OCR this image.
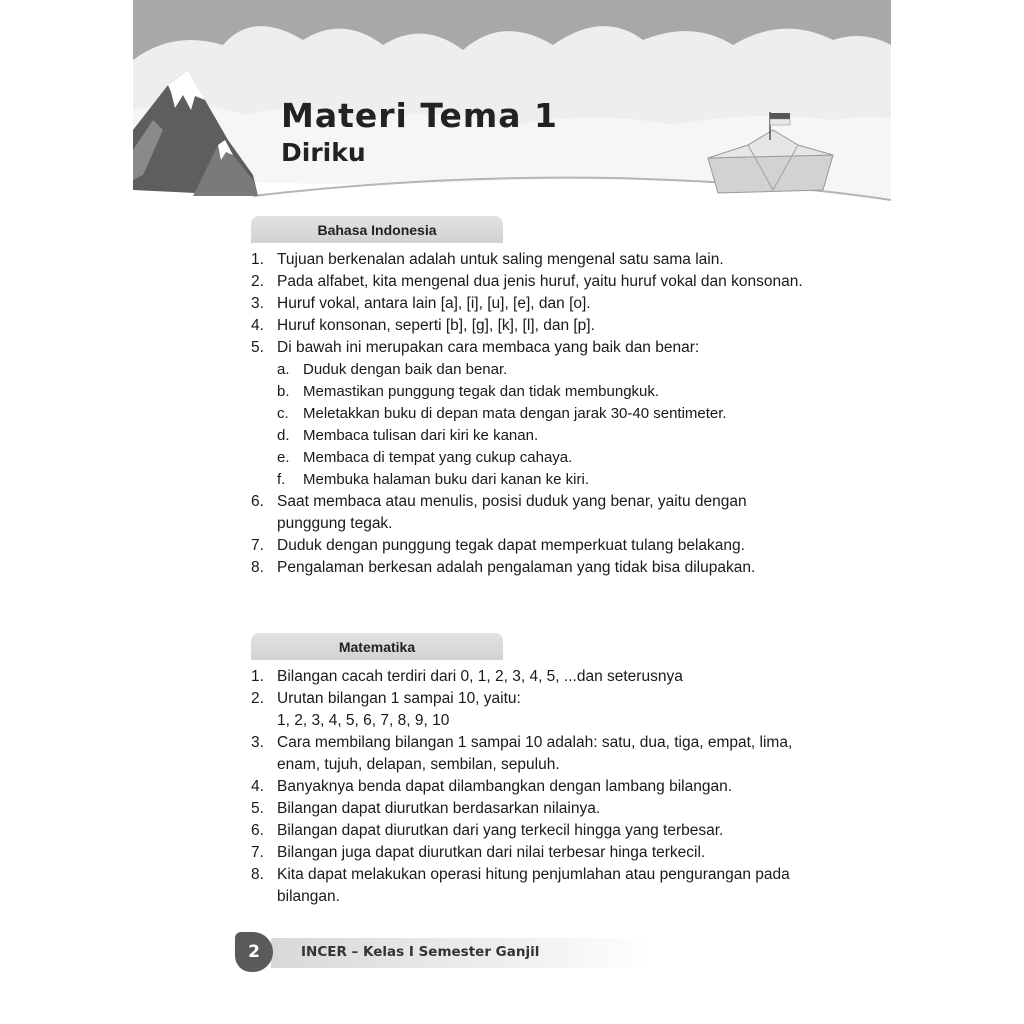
Materi Tema 1
Diriku
Bahasa Indonesia
1. Tujuan berkenalan adalah untuk saling mengenal satu sama lain.
2. Pada alfabet, kita mengenal dua jenis huruf, yaitu huruf vokal dan konsonan.
3. Huruf vokal, antara lain [a], [i], [u], [e], dan [o].
4. Huruf konsonan, seperti [b], [g], [k], [l], dan [p].
5. Di bawah ini merupakan cara membaca yang baik dan benar:
a. Duduk dengan baik dan benar.
b. Memastikan punggung tegak dan tidak membungkuk.
c. Meletakkan buku di depan mata dengan jarak 30-40 sentimeter.
d. Membaca tulisan dari kiri ke kanan.
e. Membaca di tempat yang cukup cahaya.
f. Membuka halaman buku dari kanan ke kiri.
6. Saat membaca atau menulis, posisi duduk yang benar, yaitu dengan punggung tegak.
7. Duduk dengan punggung tegak dapat memperkuat tulang belakang.
8. Pengalaman berkesan adalah pengalaman yang tidak bisa dilupakan.
Matematika
1. Bilangan cacah terdiri dari 0, 1, 2, 3, 4, 5, ...dan seterusnya
2. Urutan bilangan 1 sampai 10, yaitu:
1, 2, 3, 4, 5, 6, 7, 8, 9, 10
3. Cara membilang bilangan 1 sampai 10 adalah: satu, dua, tiga, empat, lima, enam, tujuh, delapan, sembilan, sepuluh.
4. Banyaknya benda dapat dilambangkan dengan lambang bilangan.
5. Bilangan dapat diurutkan berdasarkan nilainya.
6. Bilangan dapat diurutkan dari yang terkecil hingga yang terbesar.
7. Bilangan juga dapat diurutkan dari nilai terbesar hinga terkecil.
8. Kita dapat melakukan operasi hitung penjumlahan atau pengurangan pada bilangan.
2	INCER – Kelas I Semester Ganjil
